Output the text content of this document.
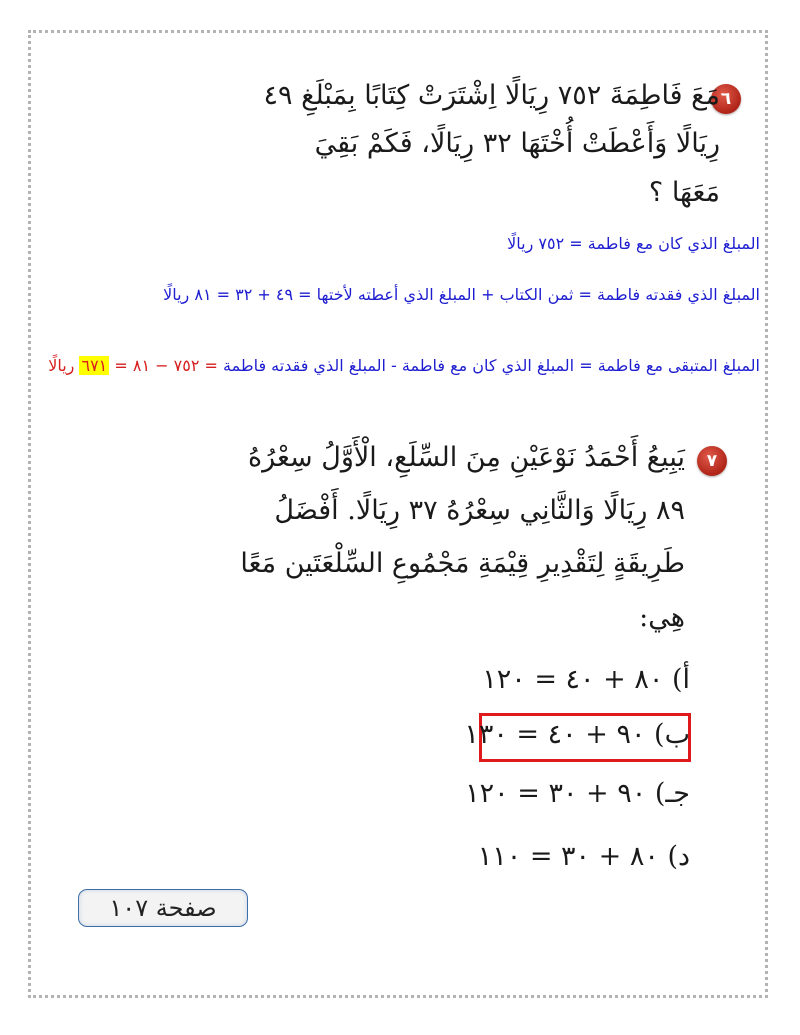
٦
مَعَ فَاطِمَةَ ٧٥٢ رِيَالًا اِشْتَرَتْ كِتَابًا بِمَبْلَغِ ٤٩
رِيَالًا وَأَعْطَتْ أُخْتَهَا ٣٢ رِيَالًا، فَكَمْ بَقِيَ
مَعَهَا ؟
المبلغ الذي كان مع فاطمة = ٧٥٢ ريالًا
المبلغ الذي فقدته فاطمة = ثمن الكتاب + المبلغ الذي أعطته لأختها = ٤٩ + ٣٢ = ٨١ ريالًا
المبلغ المتبقى مع فاطمة = المبلغ الذي كان مع فاطمة - المبلغ الذي فقدته فاطمة = ٧٥٢ − ٨١ = ٦٧١ ريالًا
٧
يَبِيعُ أَحْمَدُ نَوْعَيْنِ مِنَ السِّلَعِ، الْأَوَّلُ سِعْرُهُ
٨٩ رِيَالًا وَالثَّانِي سِعْرُهُ ٣٧ رِيَالًا. أَفْضَلُ
طَرِيقَةٍ لِتَقْدِيرِ قِيْمَةِ مَجْمُوعِ السِّلْعَتَين مَعًا
هِي:
أ) ٨٠ + ٤٠ = ١٢٠
ب) ٩٠ + ٤٠ = ١٣٠
جـ) ٩٠ + ٣٠ = ١٢٠
د) ٨٠ + ٣٠ = ١١٠
صفحة ١٠٧
